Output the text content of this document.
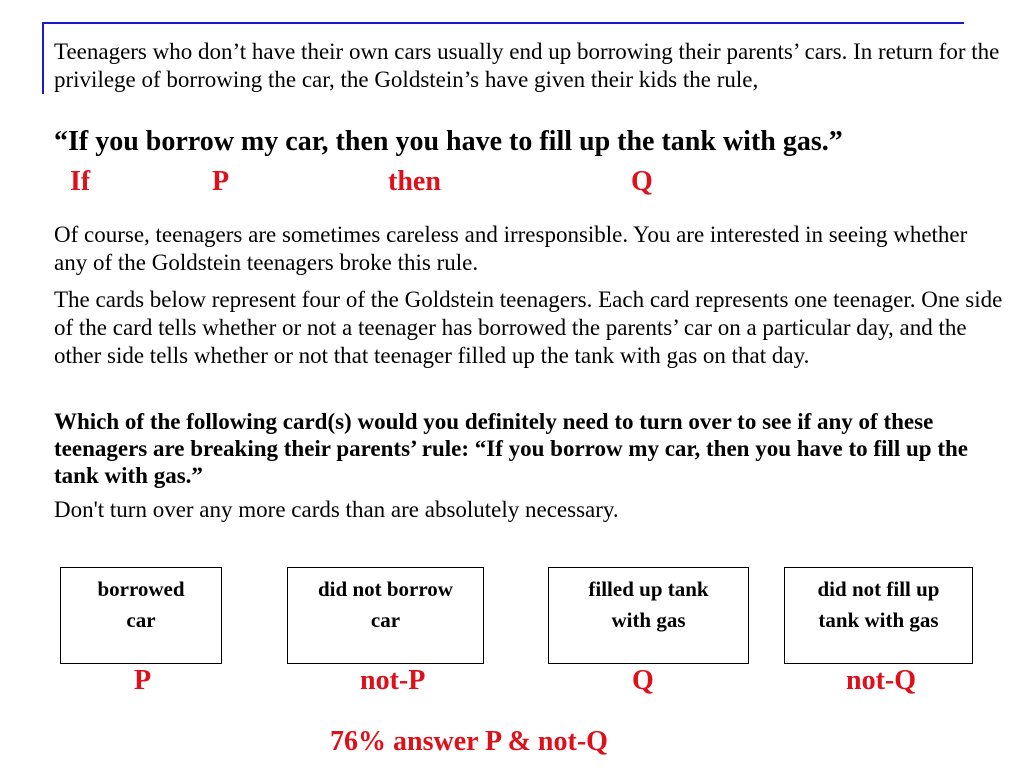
Teenagers who don’t have their own cars usually end up borrowing their parents’ cars. In return for the privilege of borrowing the car, the Goldstein’s have given their kids the rule,

“If you borrow my car, then you have to fill up the tank with gas.”

If	P	then	Q

Of course, teenagers are sometimes careless and irresponsible. You are interested in seeing whether any of the Goldstein teenagers broke this rule.

The cards below represent four of the Goldstein teenagers. Each card represents one teenager. One side of the card tells whether or not a teenager has borrowed the parents’ car on a particular day, and the other side tells whether or not that teenager filled up the tank with gas on that day.

Which of the following card(s) would you definitely need to turn over to see if any of these teenagers are breaking their parents’ rule: “If you borrow my car, then you have to fill up the tank with gas.”

Don't turn over any more cards than are absolutely necessary.

borrowed
car
did not borrow
car
filled up tank
with gas
did not fill up
tank with gas
P	not-P	Q	not-Q
76% answer P & not-Q
